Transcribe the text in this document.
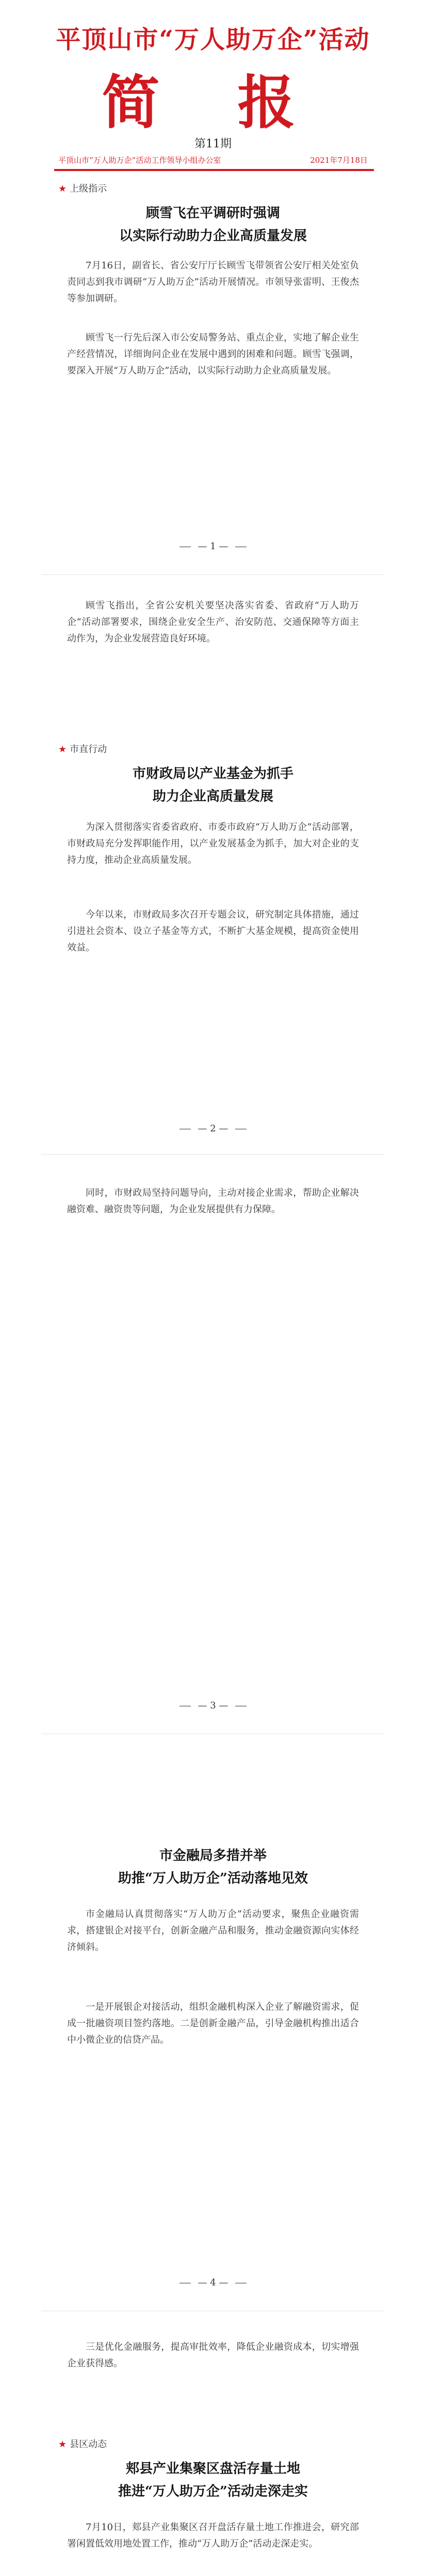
平顶山市“万人助万企”活动
简 报
第11期
平顶山市“万人助万企”活动工作领导小组办公室	2021年7月18日
★ 上级指示
顾雪飞在平调研时强调
以实际行动助力企业高质量发展
7月16日，副省长、省公安厅厅长顾雪飞带领省公安厅相关处室负责同志到我市调研“万人助万企”活动开展情况。市领导张雷明、王俊杰等参加调研。
顾雪飞一行先后深入市公安局警务站、重点企业，实地了解企业生产经营情况，详细询问企业在发展中遇到的困难和问题。顾雪飞强调，要深入开展“万人助万企”活动，以实际行动助力企业高质量发展。
— 1 —
顾雪飞指出，全省公安机关要坚决落实省委、省政府“万人助万企”活动部署要求，围绕企业安全生产、治安防范、交通保障等方面主动作为，为企业发展营造良好环境。
★ 市直行动
市财政局以产业基金为抓手
助力企业高质量发展
为深入贯彻落实省委省政府、市委市政府“万人助万企”活动部署，市财政局充分发挥职能作用，以产业发展基金为抓手，加大对企业的支持力度，推动企业高质量发展。
今年以来，市财政局多次召开专题会议，研究制定具体措施，通过引进社会资本、设立子基金等方式，不断扩大基金规模，提高资金使用效益。
— 2 —
同时，市财政局坚持问题导向，主动对接企业需求，帮助企业解决融资难、融资贵等问题，为企业发展提供有力保障。
— 3 —
市金融局多措并举
助推“万人助万企”活动落地见效
市金融局认真贯彻落实“万人助万企”活动要求，聚焦企业融资需求，搭建银企对接平台，创新金融产品和服务，推动金融资源向实体经济倾斜。
一是开展银企对接活动，组织金融机构深入企业了解融资需求，促成一批融资项目签约落地。二是创新金融产品，引导金融机构推出适合中小微企业的信贷产品。
— 4 —
三是优化金融服务，提高审批效率，降低企业融资成本，切实增强企业获得感。
★ 县区动态
郏县产业集聚区盘活存量土地
推进“万人助万企”活动走深走实
7月10日，郏县产业集聚区召开盘活存量土地工作推进会，研究部署闲置低效用地处置工作，推动“万人助万企”活动走深走实。
